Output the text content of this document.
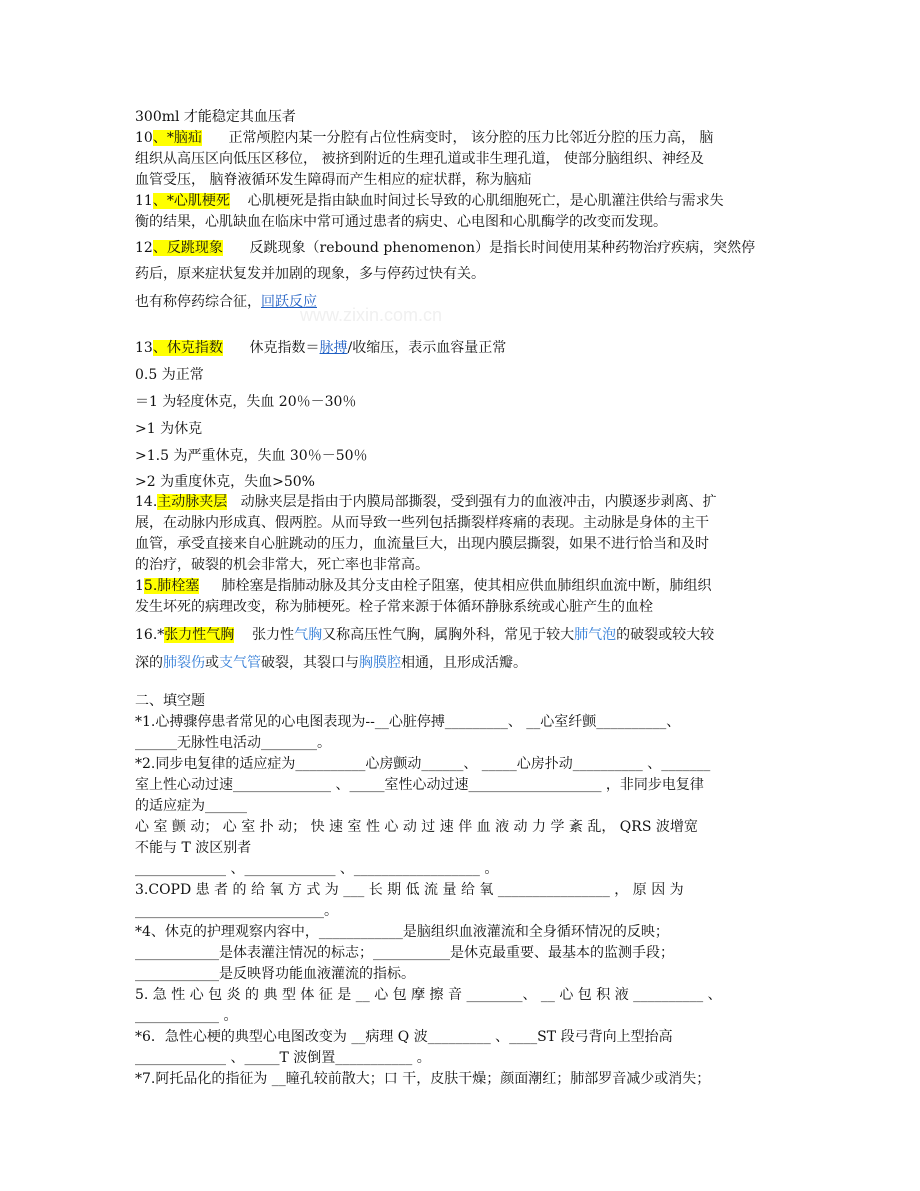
www.zixin.com.cn
300ml 才能稳定其血压者
10、*脑疝 正常颅腔内某一分腔有占位性病变时， 该分腔的压力比邻近分腔的压力高， 脑
组织从高压区向低压区移位， 被挤到附近的生理孔道或非生理孔道， 使部分脑组织、神经及
血管受压， 脑脊液循环发生障碍而产生相应的症状群，称为脑疝
11、*心肌梗死 心肌梗死是指由缺血时间过长导致的心肌细胞死亡，是心肌灌注供给与需求失
衡的结果，心肌缺血在临床中常可通过患者的病史、心电图和心肌酶学的改变而发现。
12、反跳现象 反跳现象（rebound phenomenon）是指长时间使用某种药物治疗疾病，突然停
药后，原来症状复发并加剧的现象，多与停药过快有关。
也有称停药综合征，回跃反应
13、休克指数 休克指数＝脉搏/收缩压，表示血容量正常
0.5 为正常
＝1 为轻度休克，失血 20％－30％
>1 为休克
>1.5 为严重休克，失血 30％－50％
>2 为重度休克，失血>50%
14.主动脉夹层 动脉夹层是指由于内膜局部撕裂，受到强有力的血液冲击，内膜逐步剥离、扩
展，在动脉内形成真、假两腔。从而导致一些列包括撕裂样疼痛的表现。主动脉是身体的主干
血管，承受直接来自心脏跳动的压力，血流量巨大，出现内膜层撕裂，如果不进行恰当和及时
的治疗，破裂的机会非常大，死亡率也非常高。
15.肺栓塞 肺栓塞是指肺动脉及其分支由栓子阻塞，使其相应供血肺组织血流中断，肺组织
发生坏死的病理改变，称为肺梗死。栓子常来源于体循环静脉系统或心脏产生的血栓
16.*张力性气胸 张力性气胸又称高压性气胸，属胸外科，常见于较大肺气泡的破裂或较大较
深的肺裂伤或支气管破裂，其裂口与胸膜腔相通，且形成活瓣。
二、填空题
*1.心搏骤停患者常见的心电图表现为--__心脏停搏_________、 __心室纤颤__________、
______无脉性电活动________。
*2.同步电复律的适应症为__________心房颤动______、 _____心房扑动__________ 、_______
室上性心动过速______________ 、_____室性心动过速___________________ ，非同步电复律
的适应症为______
心 室 颤 动； 心 室 扑 动； 快 速 室 性 心 动 过 速 伴 血 液 动 力 学 紊 乱， QRS 波增宽
不能与 T 波区别者
_____________ 、_____________ 、__________________ 。
3.COPD 患 者 的 给 氧 方 式 为 ___ 长 期 低 流 量 给 氧 ________________ ， 原 因 为
___________________________。
*4、休克的护理观察内容中，____________是脑组织血液灌流和全身循环情况的反映；
____________是体表灌注情况的标志；___________是休克最重要、最基本的监测手段；
____________是反映肾功能血液灌流的指标。
5. 急 性 心 包 炎 的 典 型 体 征 是 __ 心 包 摩 擦 音 ________、 __ 心 包 积 液 __________ 、
____________ 。
*6．急性心梗的典型心电图改变为 __病理 Q 波_________ 、____ST 段弓背向上型抬高
_____________ 、_____T 波倒置___________ 。
*7.阿托品化的指征为 __瞳孔较前散大；口 干，皮肤干燥；颜面潮红；肺部罗音减少或消失；
